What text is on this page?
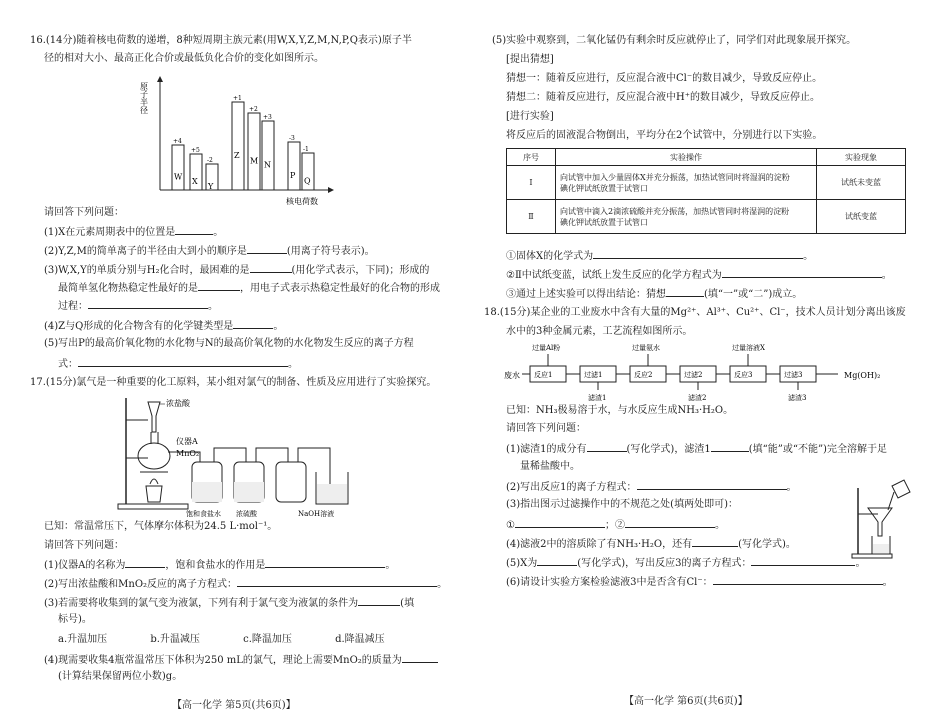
16.(14分)随着核电荷数的递增，8种短周期主族元素(用W,X,Y,Z,M,N,P,Q表示)原子半
径的相对大小、最高正化合价或最低负化合价的变化如图所示。
原子半径
核电荷数
W
+4
X
+5
Y
-2
Z
+1
M
+2
N
+3
P
-3
Q
-1
请回答下列问题：
(1)X在元素周期表中的位置是	。
(2)Y,Z,M的简单离子的半径由大到小的顺序是	(用离子符号表示)。
(3)W,X,Y的单质分别与H₂化合时，最困难的是	(用化学式表示，下同)；形成的
最简单氢化物热稳定性最好的是	，用电子式表示热稳定性最好的化合物的形成
过程：	。
(4)Z与Q形成的化合物含有的化学键类型是	。
(5)写出P的最高价氧化物的水化物与N的最高价氧化物的水化物发生反应的离子方程
式：	。
17.(15分)氯气是一种重要的化工原料，某小组对氯气的制备、性质及应用进行了实验探究。
浓盐酸
仪器A
MnO₂
饱和食盐水 浓硫酸	NaOH溶液
已知：常温常压下，气体摩尔体积为24.5 L·mol⁻¹。
请回答下列问题：
(1)仪器A的名称为	，饱和食盐水的作用是	。
(2)写出浓盐酸和MnO₂反应的离子方程式：	。
(3)若需要将收集到的氯气变为液氯，下列有利于氯气变为液氯的条件为	(填
标号)。
a.升温加压	b.升温减压	c.降温加压	d.降温减压
(4)现需要收集4瓶常温常压下体积为250 mL的氯气，理论上需要MnO₂的质量为
(计算结果保留两位小数)g。
【高一化学 第5页(共6页)】
(5)实验中观察到，二氧化锰仍有剩余时反应就停止了，同学们对此现象展开探究。
[提出猜想]
猜想一：随着反应进行，反应混合液中Cl⁻的数目减少，导致反应停止。
猜想二：随着反应进行，反应混合液中H⁺的数目减少，导致反应停止。
[进行实验]
将反应后的固液混合物倒出，平均分在2个试管中，分别进行以下实验。
序号	实验操作	实验现象
Ⅰ	向试管中加入少量固体X并充分振荡，加热试管同时将湿润的淀粉
碘化钾试纸放置于试管口	试纸未变蓝
Ⅱ	向试管中滴入2滴浓硫酸并充分振荡，加热试管同时将湿润的淀粉
碘化钾试纸放置于试管口	试纸变蓝
①固体X的化学式为	。
②Ⅱ中试纸变蓝，试纸上发生反应的化学方程式为	。
③通过上述实验可以得出结论：猜想	(填“一”或“二”)成立。
18.(15分)某企业的工业废水中含有大量的Mg²⁺、Al³⁺、Cu²⁺、Cl⁻，技术人员计划分离出该废
水中的3种金属元素，工艺流程如图所示。
废水 反应1	过滤1	反应2	过滤2	反应3	过滤3
过量Al粉	过量氨水	过量溶液X
滤渣1	滤渣2	滤渣3
Mg(OH)₂
已知：NH₃极易溶于水，与水反应生成NH₃·H₂O。
请回答下列问题：
(1)滤渣1的成分有	(写化学式)，滤渣1	(填“能”或“不能”)完全溶解于足
量稀盐酸中。
(2)写出反应1的离子方程式：	。
(3)指出图示过滤操作中的不规范之处(填两处即可)：
①	；②	。
(4)滤液2中的溶质除了有NH₃·H₂O，还有	(写化学式)。
(5)X为	(写化学式)，写出反应3的离子方程式：	。
(6)请设计实验方案检验滤液3中是否含有Cl⁻：	。
【高一化学 第6页(共6页)】
